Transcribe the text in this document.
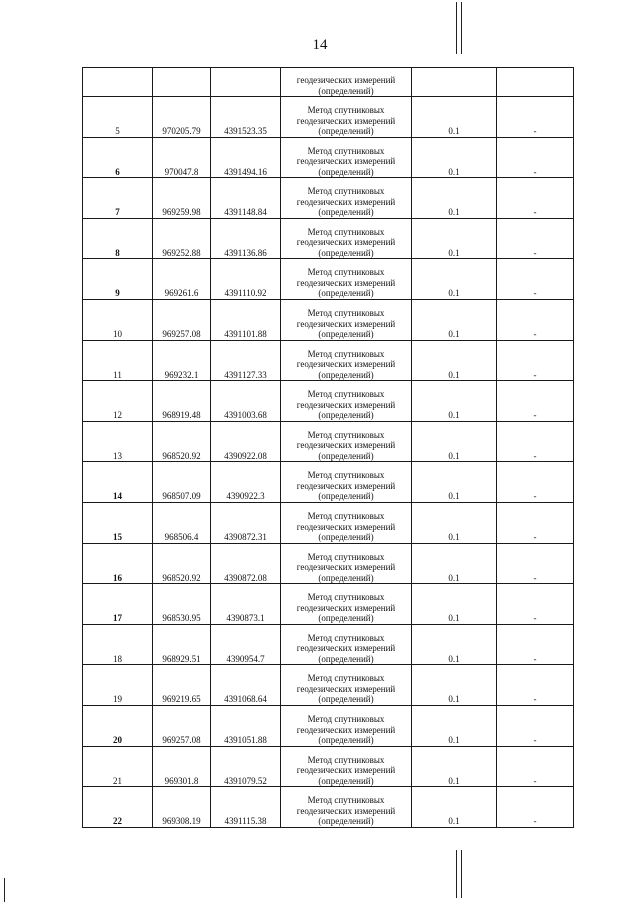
14
			геодезических измерений (определений)		
5	970205.79	4391523.35	Метод спутниковых геодезических измерений (определений)	0.1	-
6	970047.8	4391494.16	Метод спутниковых геодезических измерений (определений)	0.1	-
7	969259.98	4391148.84	Метод спутниковых геодезических измерений (определений)	0.1	-
8	969252.88	4391136.86	Метод спутниковых геодезических измерений (определений)	0.1	-
9	969261.6	4391110.92	Метод спутниковых геодезических измерений (определений)	0.1	-
10	969257.08	4391101.88	Метод спутниковых геодезических измерений (определений)	0.1	-
11	969232.1	4391127.33	Метод спутниковых геодезических измерений (определений)	0.1	-
12	968919.48	4391003.68	Метод спутниковых геодезических измерений (определений)	0.1	-
13	968520.92	4390922.08	Метод спутниковых геодезических измерений (определений)	0.1	-
14	968507.09	4390922.3	Метод спутниковых геодезических измерений (определений)	0.1	-
15	968506.4	4390872.31	Метод спутниковых геодезических измерений (определений)	0.1	-
16	968520.92	4390872.08	Метод спутниковых геодезических измерений (определений)	0.1	-
17	968530.95	4390873.1	Метод спутниковых геодезических измерений (определений)	0.1	-
18	968929.51	4390954.7	Метод спутниковых геодезических измерений (определений)	0.1	-
19	969219.65	4391068.64	Метод спутниковых геодезических измерений (определений)	0.1	-
20	969257.08	4391051.88	Метод спутниковых геодезических измерений (определений)	0.1	-
21	969301.8	4391079.52	Метод спутниковых геодезических измерений (определений)	0.1	-
22	969308.19	4391115.38	Метод спутниковых геодезических измерений (определений)	0.1	-
